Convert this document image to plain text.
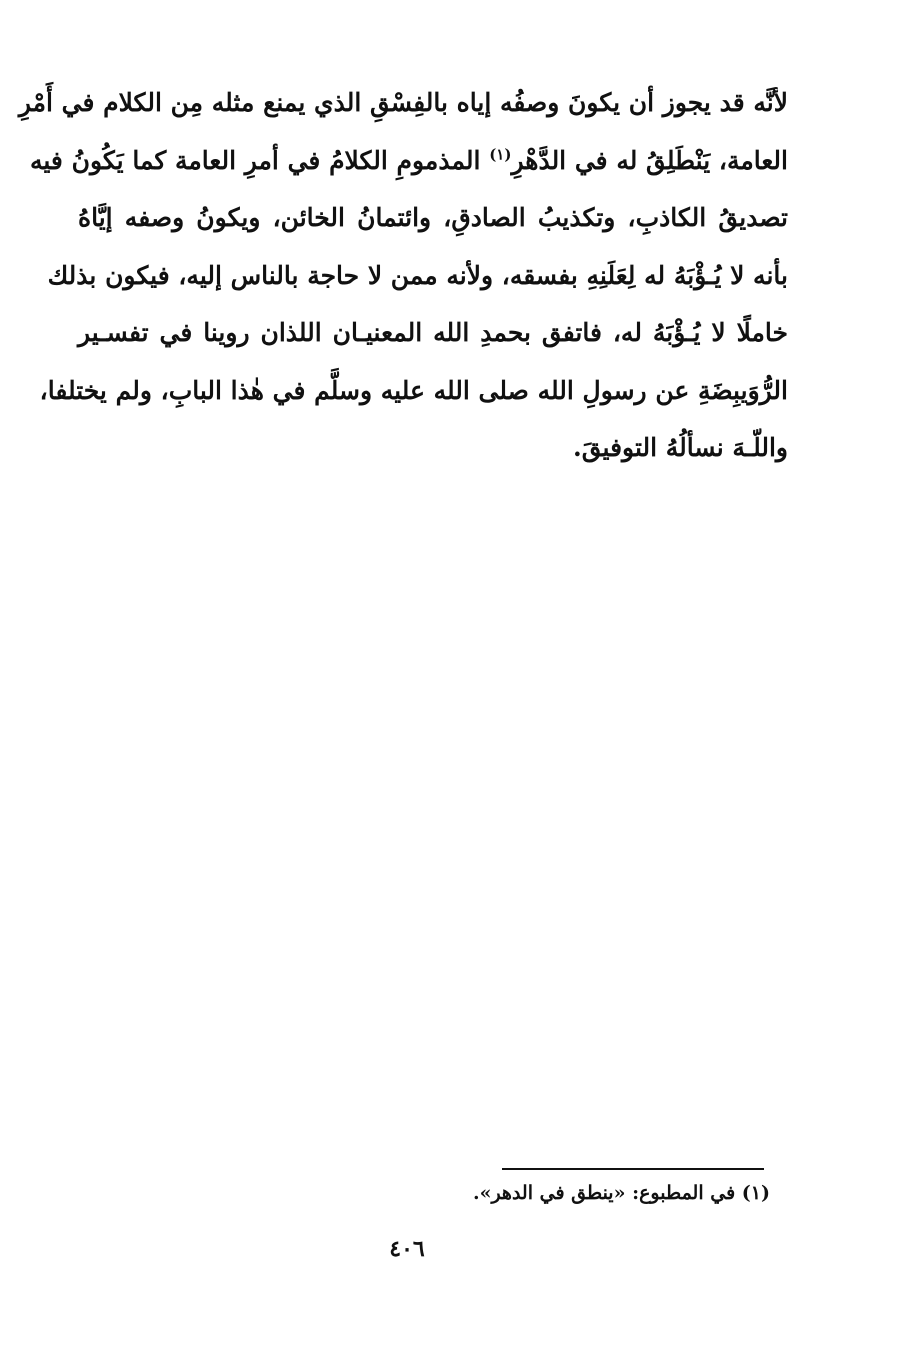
لأنَّه قد يجوز أن يكونَ وصفُه إياه بالفِسْقِ الذي يمنع مثله مِن الكلام في أَمْرِ
العامة، يَنْطَلِقُ له في الدَّهْرِ$^{(١)}$ المذمومِ الكلامُ في أمرِ العامة كما يَكُونُ فيه
تصديقُ الكاذبِ، وتكذيبُ الصادقِ، وائتمانُ الخائن، ويكونُ وصفه إيَّاهُ
بأنه لا يُـؤْبَهُ له لِعَلَنِهِ بفسقه، ولأنه ممن لا حاجة بالناس إليه، فيكون بذلك
خاملًا لا يُـؤْبَهُ له، فاتفق بحمدِ الله المعنيـان اللذان روينا في تفسـير
الرُّوَيبِضَةِ عن رسولِ الله صلى الله عليه وسلَّم في هٰذا البابِ، ولم يختلفا،
واللّـهَ نسألُهُ التوفيقَ.
(١) في المطبوع: «ينطق في الدهر».
٤٠٦
